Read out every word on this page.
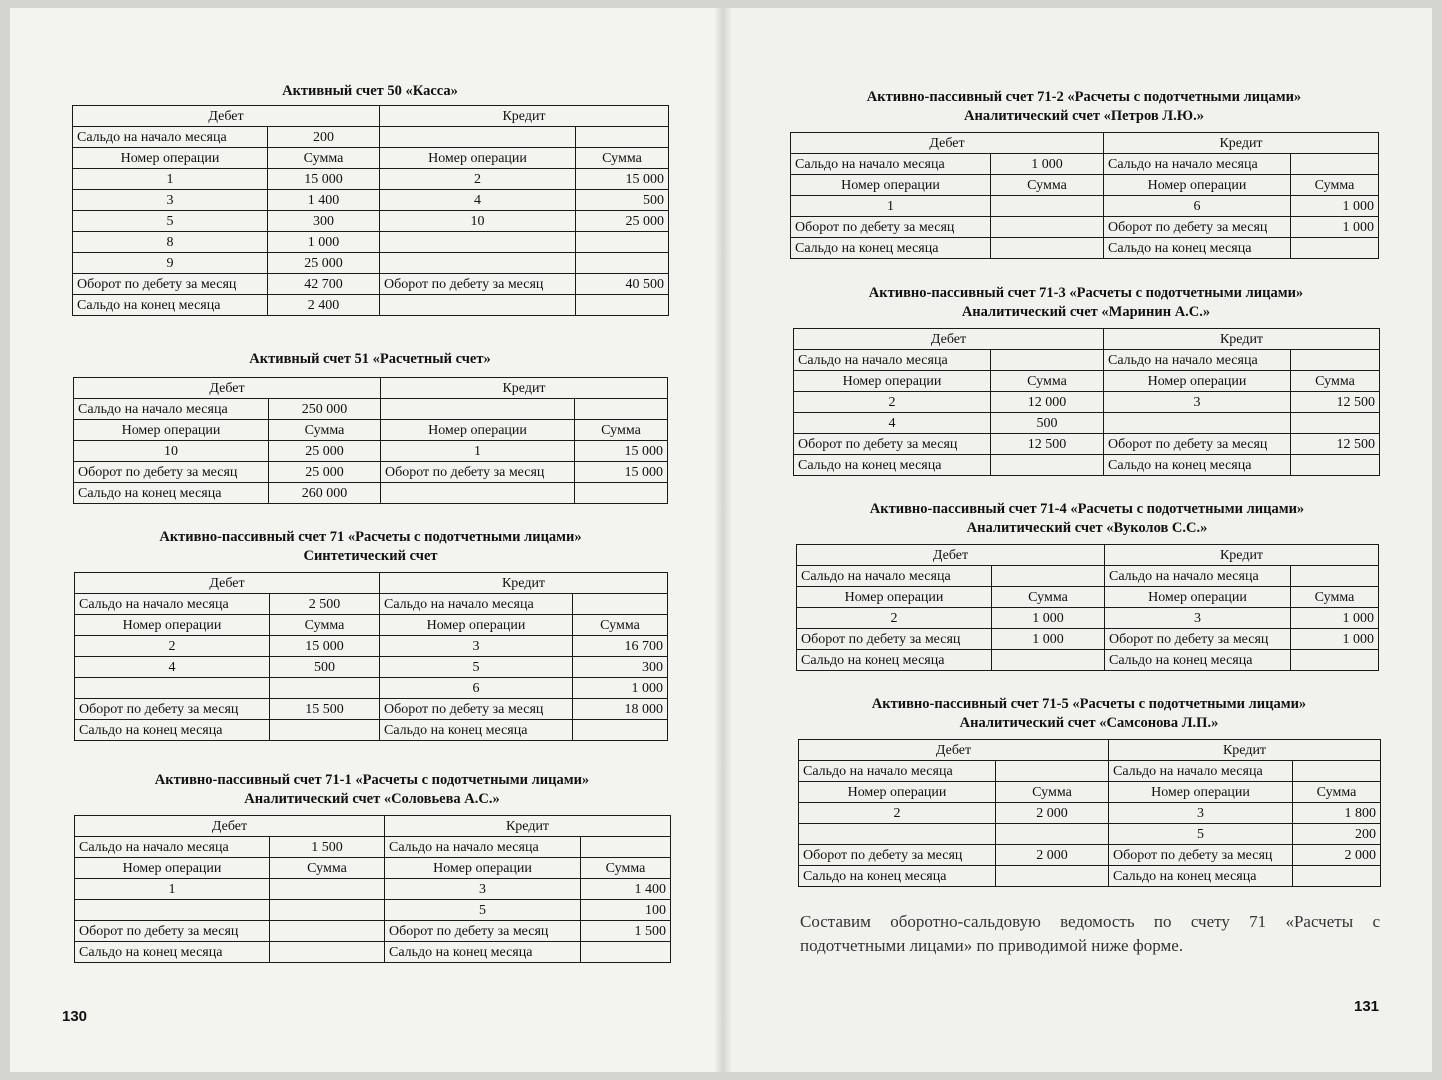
Активный счет 50 «Касса»
Дебет		Кредит	
Сальдо на начало месяца	200		
Номер операции	Сумма	Номер операции	Сумма
1	15 000	2	15 000
3	1 400	4	500
5	300	10	25 000
8	1 000		
9	25 000		
Оборот по дебету за месяц	42 700	Оборот по дебету за месяц	40 500
Сальдо на конец месяца	2 400		
Активный счет 51 «Расчетный счет»
Дебет		Кредит	
Сальдо на начало месяца	250 000		
Номер операции	Сумма	Номер операции	Сумма
10	25 000	1	15 000
Оборот по дебету за месяц	25 000	Оборот по дебету за месяц	15 000
Сальдо на конец месяца	260 000		
Активно-пассивный счет 71 «Расчеты с подотчетными лицами»
Синтетический счет
Дебет		Кредит	
Сальдо на начало месяца	2 500	Сальдо на начало месяца	
Номер операции	Сумма	Номер операции	Сумма
2	15 000	3	16 700
4	500	5	300
		6	1 000
Оборот по дебету за месяц	15 500	Оборот по дебету за месяц	18 000
Сальдо на конец месяца		Сальдо на конец месяца	
Активно-пассивный счет 71-1 «Расчеты с подотчетными лицами»
Аналитический счет «Соловьева А.С.»
Дебет		Кредит	
Сальдо на начало месяца	1 500	Сальдо на начало месяца	
Номер операции	Сумма	Номер операции	Сумма
1		3	1 400
		5	100
Оборот по дебету за месяц		Оборот по дебету за месяц	1 500
Сальдо на конец месяца		Сальдо на конец месяца	
130
Активно-пассивный счет 71-2 «Расчеты с подотчетными лицами»
Аналитический счет «Петров Л.Ю.»
Дебет		Кредит	
Сальдо на начало месяца	1 000	Сальдо на начало месяца	
Номер операции	Сумма	Номер операции	Сумма
1		6	1 000
Оборот по дебету за месяц		Оборот по дебету за месяц	1 000
Сальдо на конец месяца		Сальдо на конец месяца	
Активно-пассивный счет 71-3 «Расчеты с подотчетными лицами»
Аналитический счет «Маринин А.С.»
Дебет		Кредит	
Сальдо на начало месяца		Сальдо на начало месяца	
Номер операции	Сумма	Номер операции	Сумма
2	12 000	3	12 500
4	500		
Оборот по дебету за месяц	12 500	Оборот по дебету за месяц	12 500
Сальдо на конец месяца		Сальдо на конец месяца	
Активно-пассивный счет 71-4 «Расчеты с подотчетными лицами»
Аналитический счет «Вуколов С.С.»
Дебет		Кредит	
Сальдо на начало месяца		Сальдо на начало месяца	
Номер операции	Сумма	Номер операции	Сумма
2	1 000	3	1 000
Оборот по дебету за месяц	1 000	Оборот по дебету за месяц	1 000
Сальдо на конец месяца		Сальдо на конец месяца	
Активно-пассивный счет 71-5 «Расчеты с подотчетными лицами»
Аналитический счет «Самсонова Л.П.»
Дебет		Кредит	
Сальдо на начало месяца		Сальдо на начало месяца	
Номер операции	Сумма	Номер операции	Сумма
2	2 000	3	1 800
		5	200
Оборот по дебету за месяц	2 000	Оборот по дебету за месяц	2 000
Сальдо на конец месяца		Сальдо на конец месяца	
Составим оборотно-сальдовую ведомость по счету 71 «Расчеты с подотчетными лицами» по приводимой ниже форме.
131
